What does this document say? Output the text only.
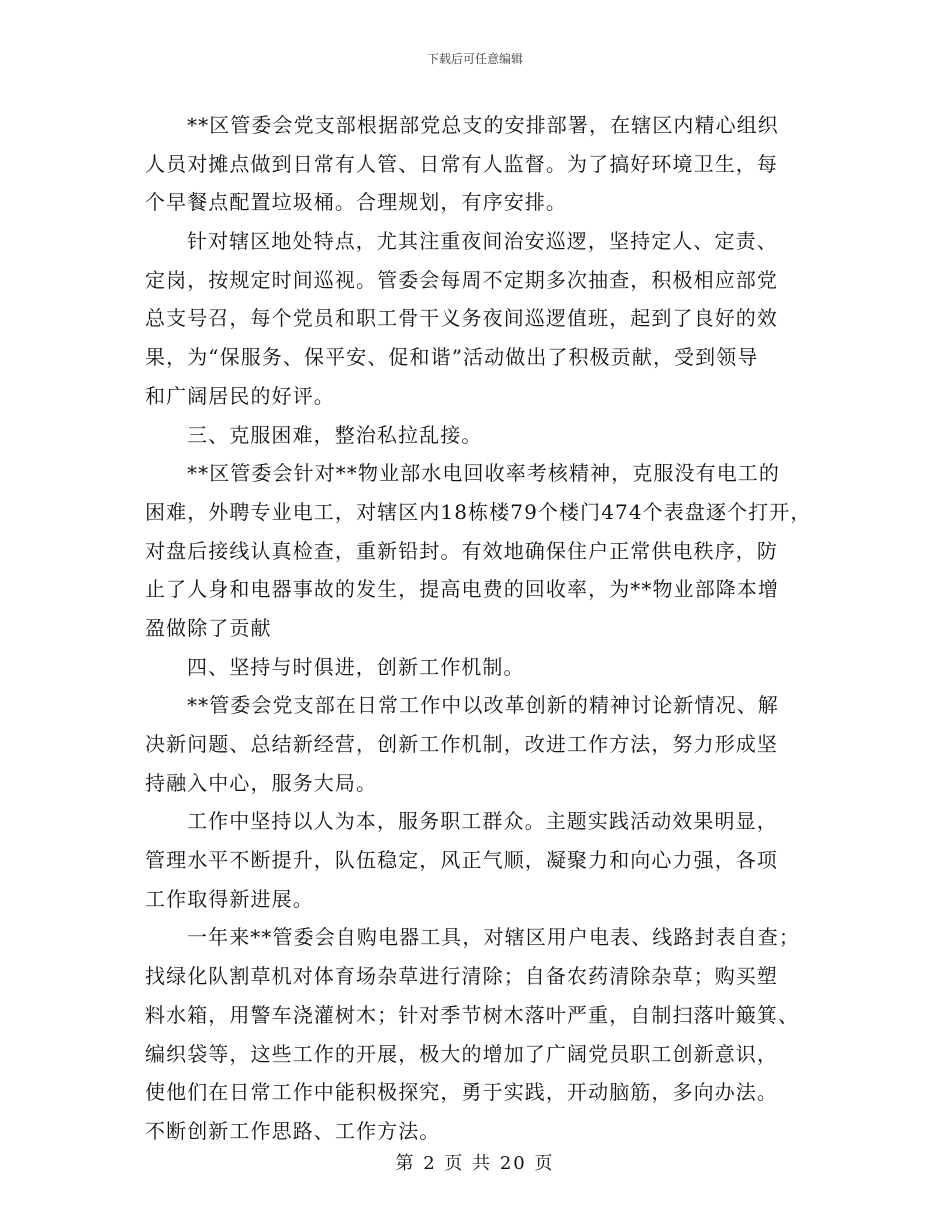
下载后可任意编辑
**区管委会党支部根据部党总支的安排部署，在辖区内精心组织
人员对摊点做到日常有人管、日常有人监督。为了搞好环境卫生，每
个早餐点配置垃圾桶。合理规划，有序安排。
针对辖区地处特点，尤其注重夜间治安巡逻，坚持定人、定责、
定岗，按规定时间巡视。管委会每周不定期多次抽查，积极相应部党
总支号召，每个党员和职工骨干义务夜间巡逻值班，起到了良好的效
果，为“保服务、保平安、促和谐”活动做出了积极贡献，受到领导
和广阔居民的好评。
三、克服困难，整治私拉乱接。
**区管委会针对**物业部水电回收率考核精神，克服没有电工的
困难，外聘专业电工，对辖区内18栋楼79个楼门474个表盘逐个打开，
对盘后接线认真检查，重新铅封。有效地确保住户正常供电秩序，防
止了人身和电器事故的发生，提高电费的回收率，为**物业部降本增
盈做除了贡献
四、坚持与时俱进，创新工作机制。
**管委会党支部在日常工作中以改革创新的精神讨论新情况、解
决新问题、总结新经营，创新工作机制，改进工作方法，努力形成坚
持融入中心，服务大局。
工作中坚持以人为本，服务职工群众。主题实践活动效果明显，
管理水平不断提升，队伍稳定，风正气顺，凝聚力和向心力强，各项
工作取得新进展。
一年来**管委会自购电器工具，对辖区用户电表、线路封表自查；
找绿化队割草机对体育场杂草进行清除；自备农药清除杂草；购买塑
料水箱，用警车浇灌树木；针对季节树木落叶严重，自制扫落叶簸箕、
编织袋等，这些工作的开展，极大的增加了广阔党员职工创新意识，
使他们在日常工作中能积极探究，勇于实践，开动脑筋，多向办法。
不断创新工作思路、工作方法。
第 2 页 共 20 页
